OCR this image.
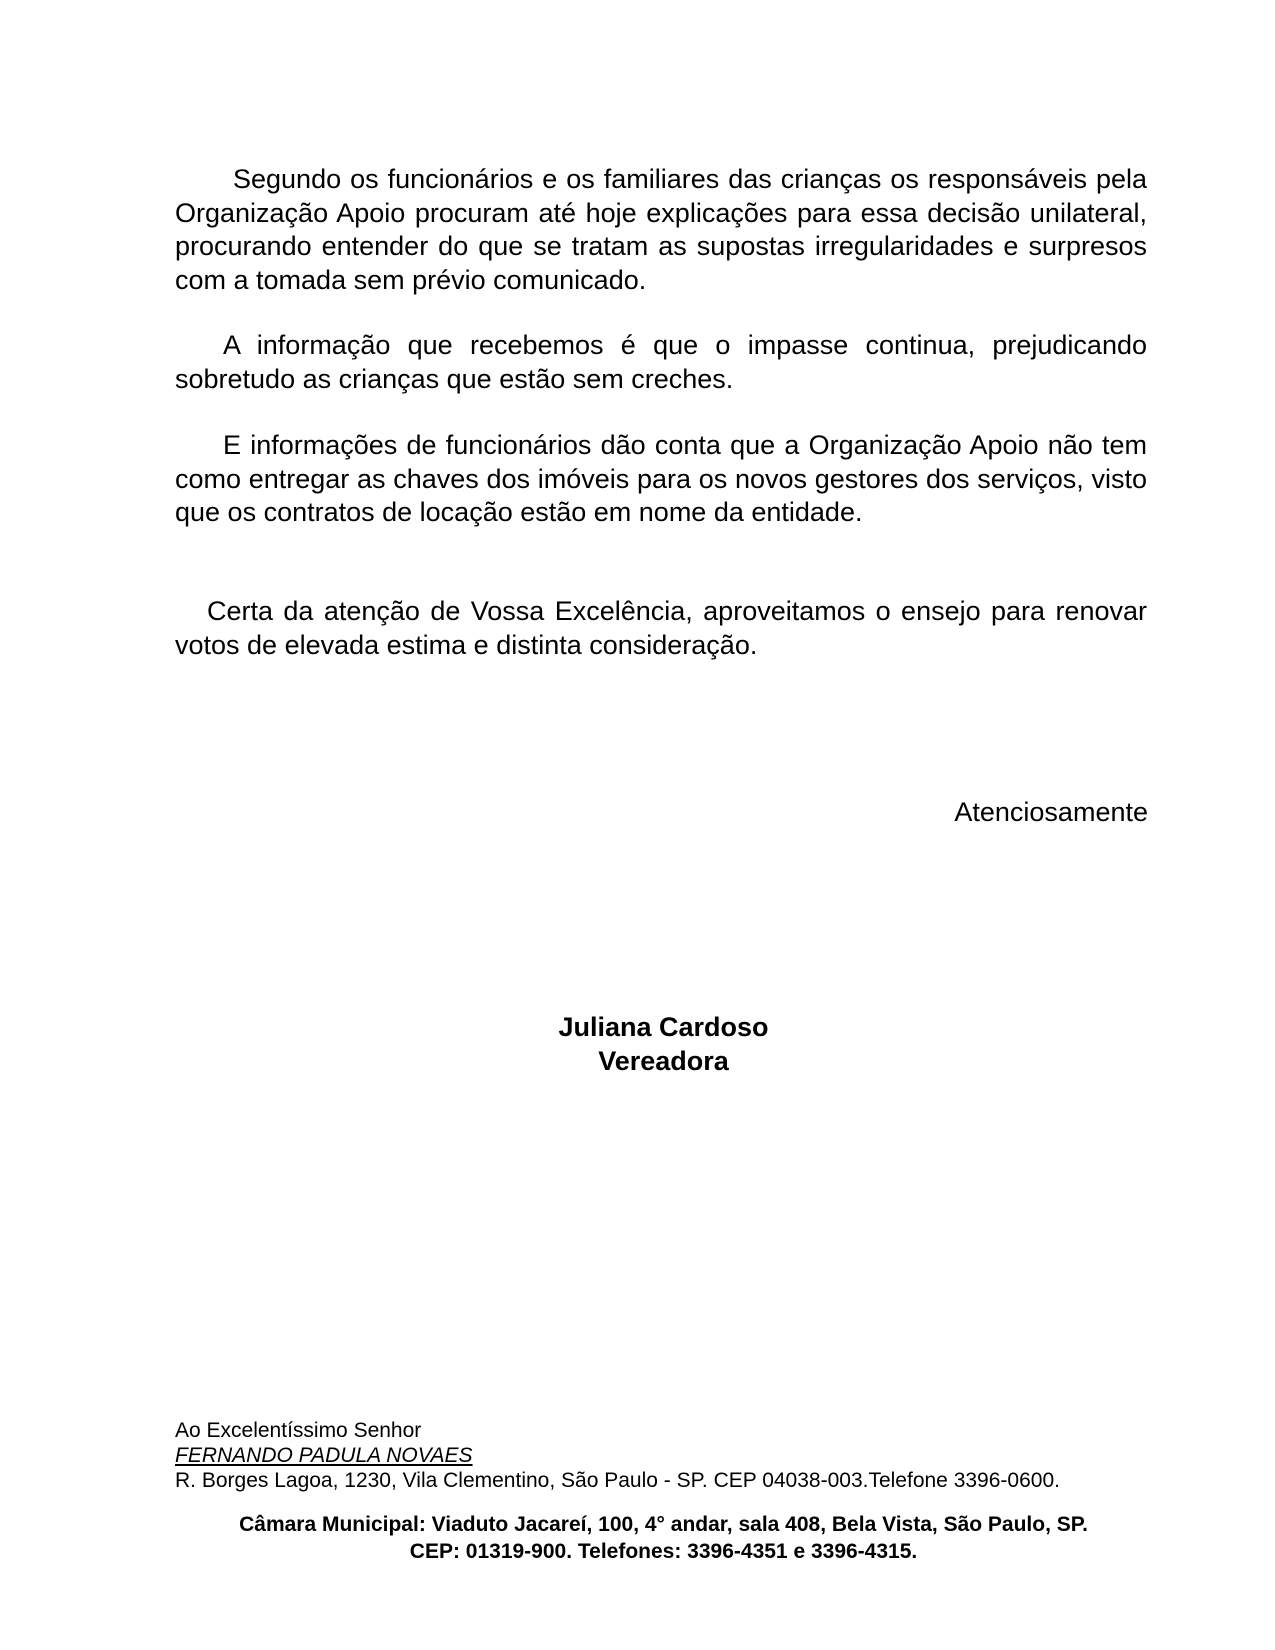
Segundo os funcionários e os familiares das crianças os responsáveis pela Organização Apoio procuram até hoje explicações para essa decisão unilateral, procurando entender do que se tratam as supostas irregularidades e surpresos com a tomada sem prévio comunicado.

A informação que recebemos é que o impasse continua, prejudicando sobretudo as crianças que estão sem creches.

E informações de funcionários dão conta que a Organização Apoio não tem como entregar as chaves dos imóveis para os novos gestores dos serviços, visto que os contratos de locação estão em nome da entidade.

Certa da atenção de Vossa Excelência, aproveitamos o ensejo para renovar votos de elevada estima e distinta consideração.

Atenciosamente

Juliana Cardoso
Vereadora
Ao Excelentíssimo Senhor
FERNANDO PADULA NOVAES
R. Borges Lagoa, 1230, Vila Clementino, São Paulo - SP. CEP 04038-003.Telefone 3396-0600.
Câmara Municipal: Viaduto Jacareí, 100, 4° andar, sala 408, Bela Vista, São Paulo, SP.
CEP: 01319-900. Telefones: 3396-4351 e 3396-4315.
